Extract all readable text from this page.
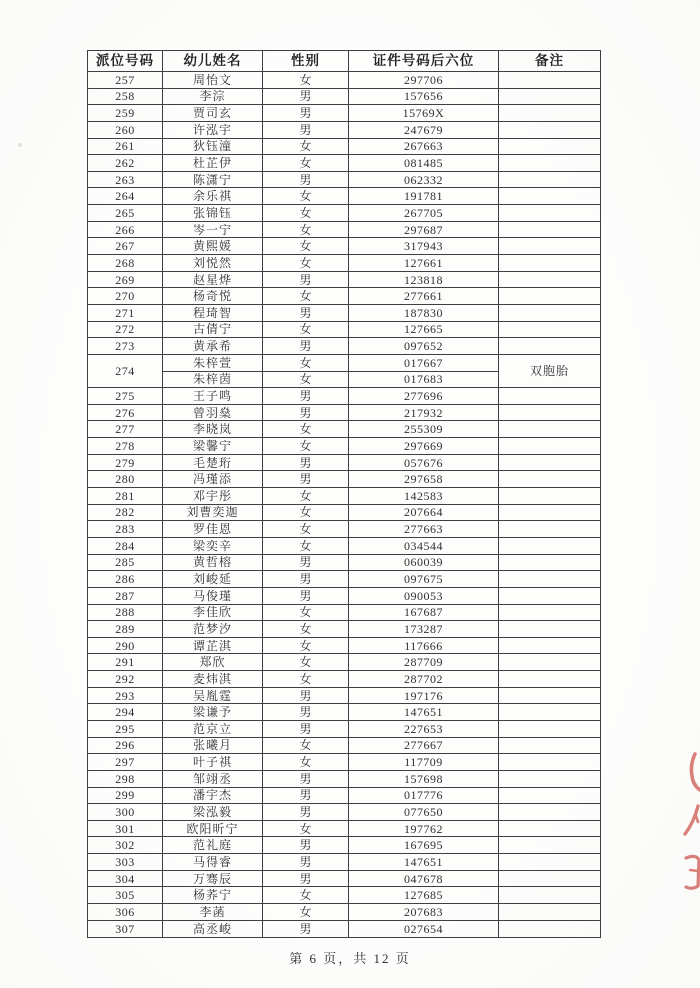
派位号码	幼儿姓名	性别	证件号码后六位	备注
257	周怡文	女	297706	
258	李淙	男	157656	
259	贾司玄	男	15769X	
260	许泓宇	男	247679	
261	狄钰潼	女	267663	
262	杜芷伊	女	081485	
263	陈潇宁	男	062332	
264	余乐祺	女	191781	
265	张锦钰	女	267705	
266	岑一宁	女	297687	
267	黄熙媛	女	317943	
268	刘悦然	女	127661	
269	赵星烨	男	123818	
270	杨奇悦	女	277661	
271	程琦智	男	187830	
272	古倩宁	女	127665	
273	黄承希	男	097652	
274	朱梓萱	女	017667	双胞胎
	朱梓茵	女	017683	
275	王子鸣	男	277696	
276	曾羽燊	男	217932	
277	李晓岚	女	255309	
278	梁馨宁	女	297669	
279	毛楚珩	男	057676	
280	冯瑾添	男	297658	
281	邓宇彤	女	142583	
282	刘曹奕迦	女	207664	
283	罗佳恩	女	277663	
284	梁奕辛	女	034544	
285	黄哲榕	男	060039	
286	刘峻延	男	097675	
287	马俊瑾	男	090053	
288	李佳欣	女	167687	
289	范梦汐	女	173287	
290	谭芷淇	女	117666	
291	郑欣	女	287709	
292	麦炜淇	女	287702	
293	吴胤霆	男	197176	
294	梁谦予	男	147651	
295	范京立	男	227653	
296	张曦月	女	277667	
297	叶子祺	女	117709	
298	邹翊丞	男	157698	
299	潘宇杰	男	017776	
300	梁泓毅	男	077650	
301	欧阳昕宁	女	197762	
302	范礼庭	男	167695	
303	马得睿	男	147651	
304	万骞辰	男	047678	
305	杨荞宁	女	127685	
306	李菡	女	207683	
307	高丞峻	男	027654	
第 6 页，共 12 页
